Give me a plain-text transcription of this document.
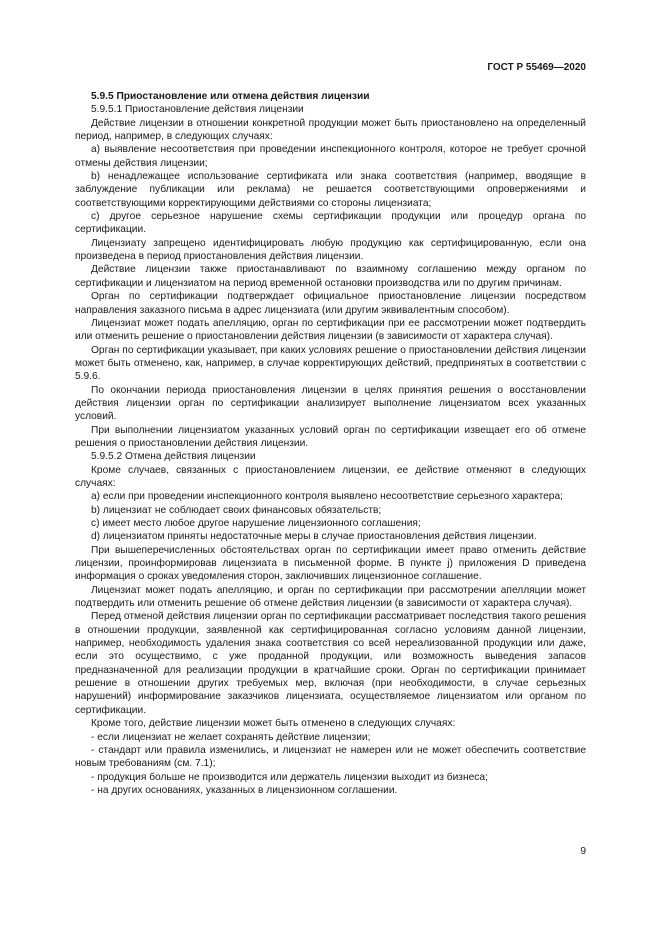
ГОСТ Р 55469—2020

5.9.5 Приостановление или отмена действия лицензии

5.9.5.1 Приостановление действия лицензии

Действие лицензии в отношении конкретной продукции может быть приостановлено на определенный период, например, в следующих случаях:

а) выявление несоответствия при проведении инспекционного контроля, которое не требует срочной отмены действия лицензии;

b) ненадлежащее использование сертификата или знака соответствия (например, вводящие в заблуждение публикации или реклама) не решается соответствующими опровержениями и соответствующими корректирующими действиями со стороны лицензиата;

c) другое серьезное нарушение схемы сертификации продукции или процедур органа по сертификации.

Лицензиату запрещено идентифицировать любую продукцию как сертифицированную, если она произведена в период приостановления действия лицензии.

Действие лицензии также приостанавливают по взаимному соглашению между органом по сертификации и лицензиатом на период временной остановки производства или по другим причинам.

Орган по сертификации подтверждает официальное приостановление лицензии посредством направления заказного письма в адрес лицензиата (или другим эквивалентным способом).

Лицензиат может подать апелляцию, орган по сертификации при ее рассмотрении может подтвердить или отменить решение о приостановлении действия лицензии (в зависимости от характера случая).

Орган по сертификации указывает, при каких условиях решение о приостановлении действия лицензии может быть отменено, как, например, в случае корректирующих действий, предпринятых в соответствии с 5.9.6.

По окончании периода приостановления лицензии в целях принятия решения о восстановлении действия лицензии орган по сертификации анализирует выполнение лицензиатом всех указанных условий.

При выполнении лицензиатом указанных условий орган по сертификации извещает его об отмене решения о приостановлении действия лицензии.

5.9.5.2 Отмена действия лицензии

Кроме случаев, связанных с приостановлением лицензии, ее действие отменяют в следующих случаях:

а) если при проведении инспекционного контроля выявлено несоответствие серьезного характера;

b) лицензиат не соблюдает своих финансовых обязательств;

c) имеет место любое другое нарушение лицензионного соглашения;

d) лицензиатом приняты недостаточные меры в случае приостановления действия лицензии.

При вышеперечисленных обстоятельствах орган по сертификации имеет право отменить действие лицензии, проинформировав лицензиата в письменной форме. В пункте j) приложения D приведена информация о сроках уведомления сторон, заключивших лицензионное соглашение.

Лицензиат может подать апелляцию, и орган по сертификации при рассмотрении апелляции может подтвердить или отменить решение об отмене действия лицензии (в зависимости от характера случая).

Перед отменой действия лицензии орган по сертификации рассматривает последствия такого решения в отношении продукции, заявленной как сертифицированная согласно условиям данной лицензии, например, необходимость удаления знака соответствия со всей нереализованной продукции или даже, если это осуществимо, с уже проданной продукции, или возможность выведения запасов предназначенной для реализации продукции в кратчайшие сроки. Орган по сертификации принимает решение в отношении других требуемых мер, включая (при необходимости, в случае серьезных нарушений) информирование заказчиков лицензиата, осуществляемое лицензиатом или органом по сертификации.

Кроме того, действие лицензии может быть отменено в следующих случаях:

- если лицензиат не желает сохранять действие лицензии;

- стандарт или правила изменились, и лицензиат не намерен или не может обеспечить соответствие новым требованиям (см. 7.1);

- продукция больше не производится или держатель лицензии выходит из бизнеса;

- на других основаниях, указанных в лицензионном соглашении.

9
